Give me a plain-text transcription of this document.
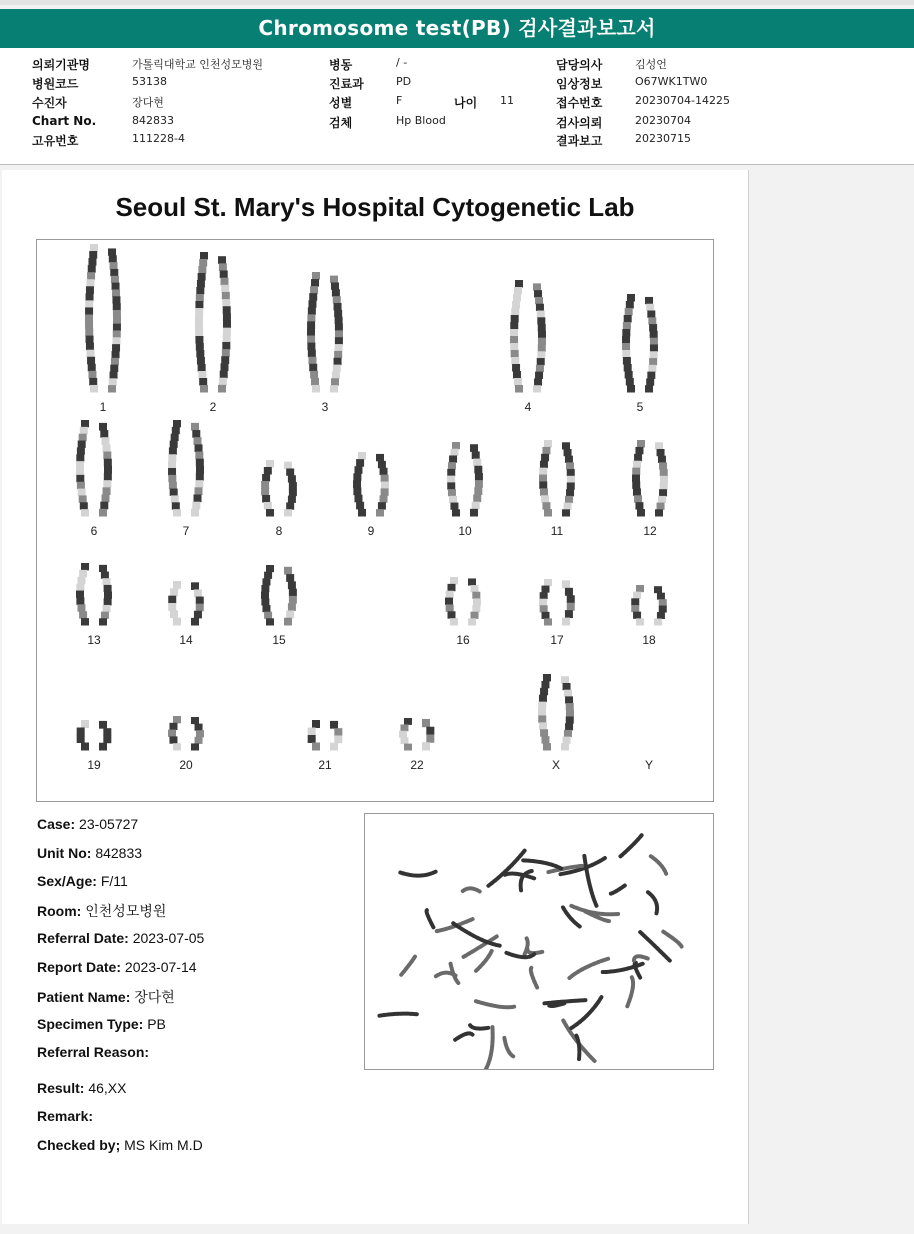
Chromosome test(PB) 검사결과보고서
의뢰기관명	가톨릭대학교 인천성모병원	병동	/ -	담당의사	김성언
병원코드	53138	진료과	PD	임상정보	O67WK1TW0
수진자	장다현	성별	F	나이 11	접수번호	20230704-14225
Chart No.	842833	검체	Hp Blood	검사의뢰	20230704
고유번호	111228-4	결과보고	20230715
Seoul St. Mary's Hospital Cytogenetic Lab
1	2	3	4	5
6	7	8	9	10	11	12
13	14	15	16	17	18
19	20	21	22	X	Y
Case: 23-05727
Unit No: 842833
Sex/Age: F/11
Room: 인천성모병원
Referral Date: 2023-07-05
Report Date: 2023-07-14
Patient Name: 장다현
Specimen Type: PB
Referral Reason:
Result: 46,XX
Remark:
Checked by; MS Kim M.D
